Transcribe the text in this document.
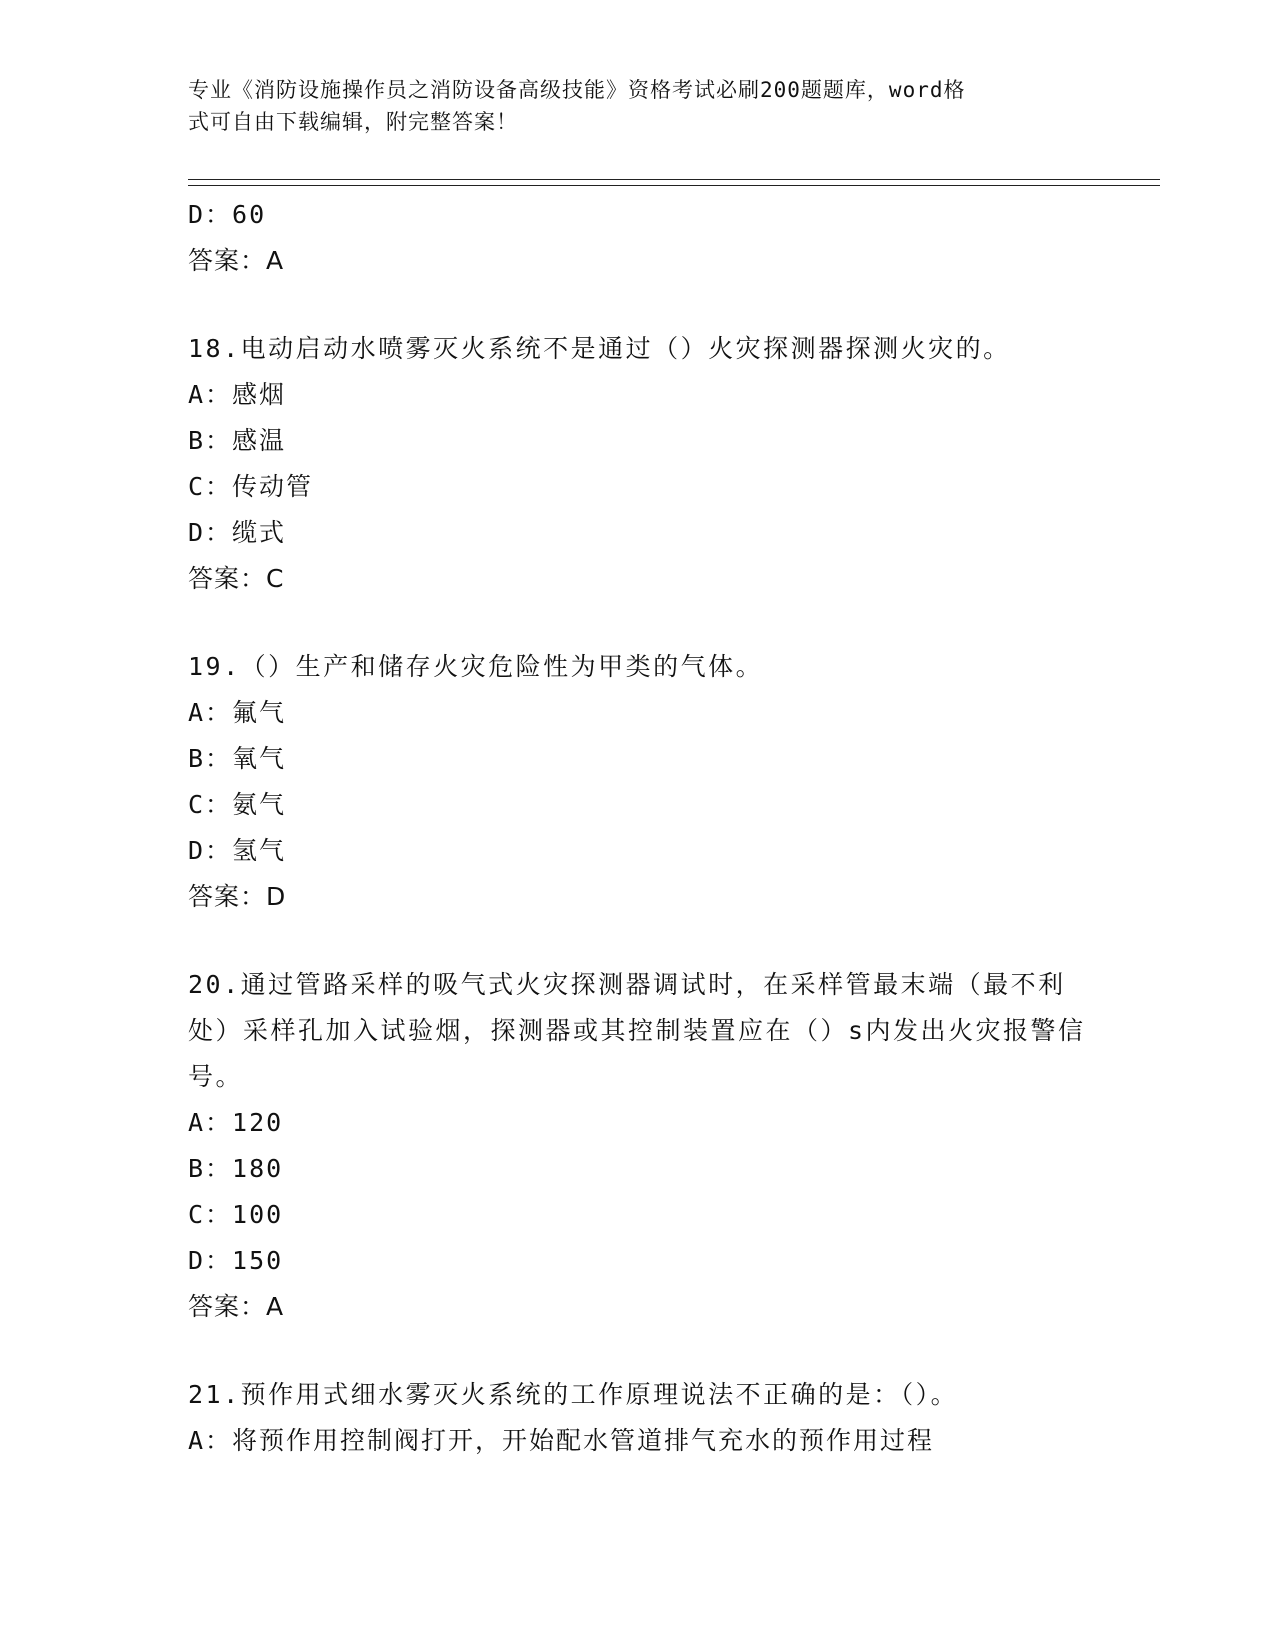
专业《消防设施操作员之消防设备高级技能》资格考试必刷200题题库，word格
式可自由下载编辑，附完整答案！
D：60
答案：A
18.电动启动水喷雾灭火系统不是通过（）火灾探测器探测火灾的。
A：感烟
B：感温
C：传动管
D：缆式
答案：C
19.（）生产和储存火灾危险性为甲类的气体。
A：氟气
B：氧气
C：氨气
D：氢气
答案：D
20.通过管路采样的吸气式火灾探测器调试时，在采样管最末端（最不利处）采样孔加入试验烟，探测器或其控制装置应在（）s内发出火灾报警信号。
A：120
B：180
C：100
D：150
答案：A
21.预作用式细水雾灭火系统的工作原理说法不正确的是：（）。
A：将预作用控制阀打开，开始配水管道排气充水的预作用过程
